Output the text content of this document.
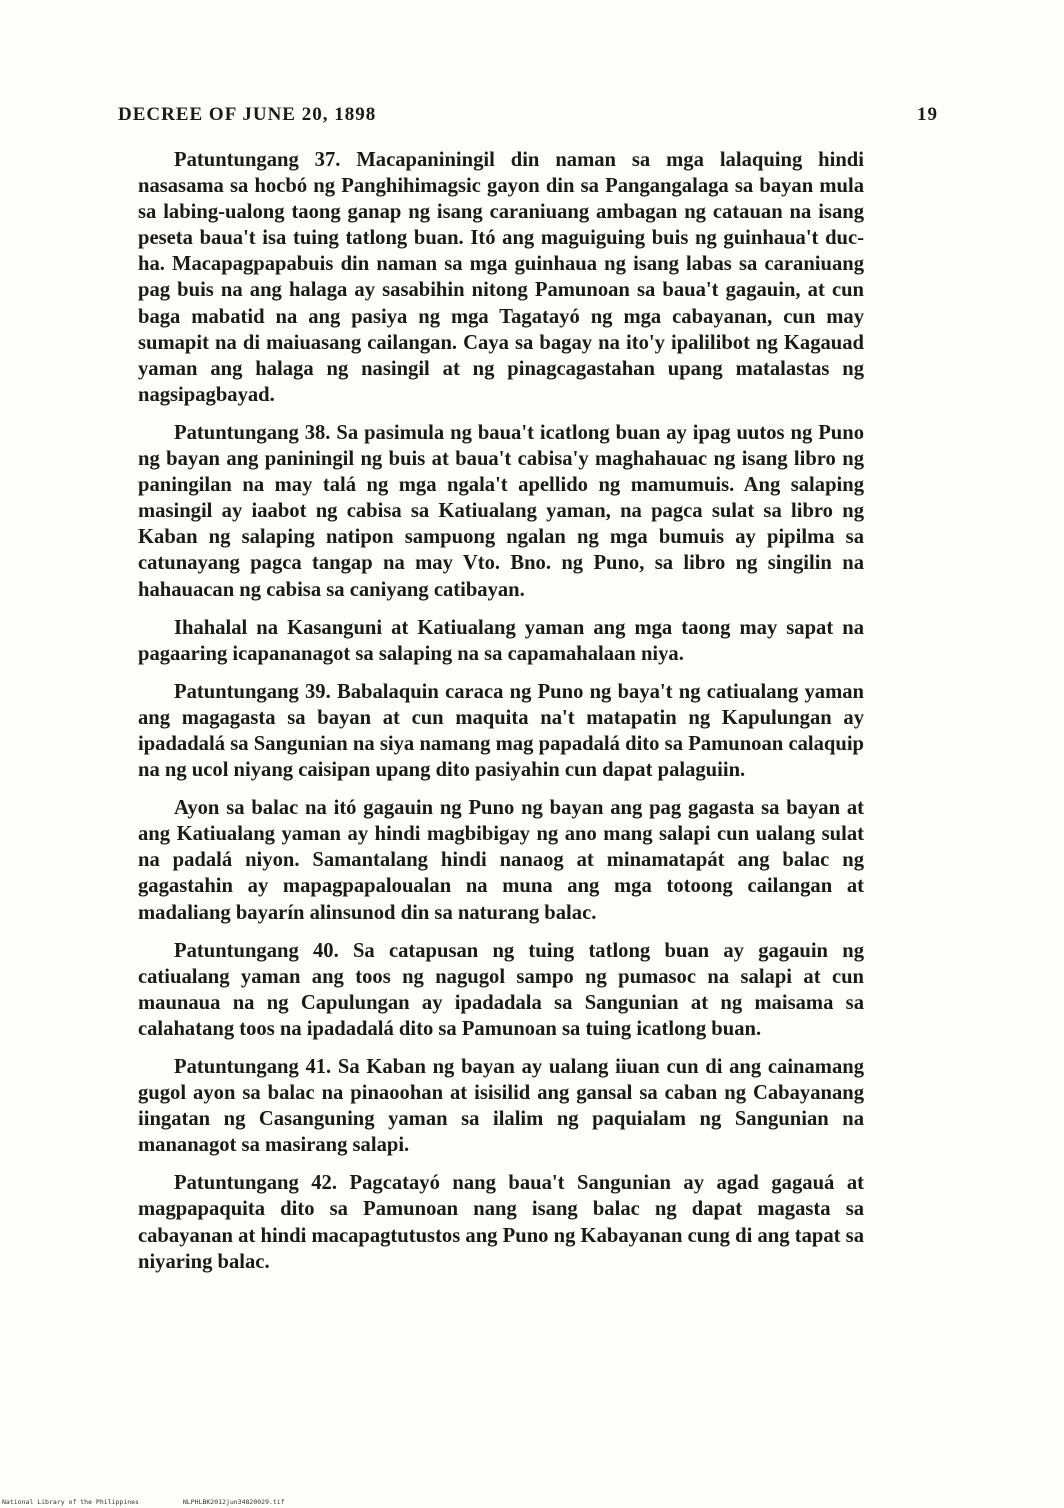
DECREE OF JUNE 20, 1898	19

Patuntungang 37. Macapaniningil din naman sa mga lalaquing hindi nasasama sa hocbó ng Panghihimagsic gayon din sa Pangangalaga sa bayan mula sa labing-ualong taong ganap ng isang caraniuang ambagan ng catauan na isang peseta baua't isa tuing tatlong buan. Itó ang maguiguing buis ng guinhaua't duc-ha. Macapagpapabuis din naman sa mga guinhaua ng isang labas sa caraniuang pag buis na ang halaga ay sasabihin nitong Pamunoan sa baua't gagauin, at cun baga mabatid na ang pasiya ng mga Tagatayó ng mga cabayanan, cun may sumapit na di maiuasang cailangan. Caya sa bagay na ito'y ipalilibot ng Kagauad yaman ang halaga ng nasingil at ng pinagcagastahan upang matalastas ng nagsipagbayad.

Patuntungang 38. Sa pasimula ng baua't icatlong buan ay ipag uutos ng Puno ng bayan ang paniningil ng buis at baua't cabisa'y maghahauac ng isang libro ng paningilan na may talá ng mga ngala't apellido ng mamumuis. Ang salaping masingil ay iaabot ng cabisa sa Katiualang yaman, na pagca sulat sa libro ng Kaban ng salaping natipon sampuong ngalan ng mga bumuis ay pipilma sa catunayang pagca tangap na may Vto. Bno. ng Puno, sa libro ng singilin na hahauacan ng cabisa sa caniyang catibayan.

Ihahalal na Kasanguni at Katiualang yaman ang mga taong may sapat na pagaaring icapananagot sa salaping na sa capamahalaan niya.

Patuntungang 39. Babalaquin caraca ng Puno ng baya't ng catiualang yaman ang magagasta sa bayan at cun maquita na't matapatin ng Kapulungan ay ipadadalá sa Sangunian na siya namang mag papadalá dito sa Pamunoan calaquip na ng ucol niyang caisipan upang dito pasiyahin cun dapat palaguiin.

Ayon sa balac na itó gagauin ng Puno ng bayan ang pag gagasta sa bayan at ang Katiualang yaman ay hindi magbibigay ng ano mang salapi cun ualang sulat na padalá niyon. Samantalang hindi nanaog at minamatapát ang balac ng gagastahin ay mapagpapaloualan na muna ang mga totoong cailangan at madaliang bayarín alinsunod din sa naturang balac.

Patuntungang 40. Sa catapusan ng tuing tatlong buan ay gagauin ng catiualang yaman ang toos ng nagugol sampo ng pumasoc na salapi at cun maunaua na ng Capulungan ay ipadadala sa Sangunian at ng maisama sa calahatang toos na ipadadalá dito sa Pamunoan sa tuing icatlong buan.

Patuntungang 41. Sa Kaban ng bayan ay ualang iiuan cun di ang cainamang gugol ayon sa balac na pinaoohan at isisilid ang gansal sa caban ng Cabayanang iingatan ng Casanguning yaman sa ilalim ng paquialam ng Sangunian na mananagot sa masirang salapi.

Patuntungang 42. Pagcatayó nang baua't Sangunian ay agad gagauá at magpapaquita dito sa Pamunoan nang isang balac ng dapat magasta sa cabayanan at hindi macapagtutustos ang Puno ng Kabayanan cung di ang tapat sa niyaring balac.

National Library of the Philippines	NLPHLBK2012jun34820029.tif
